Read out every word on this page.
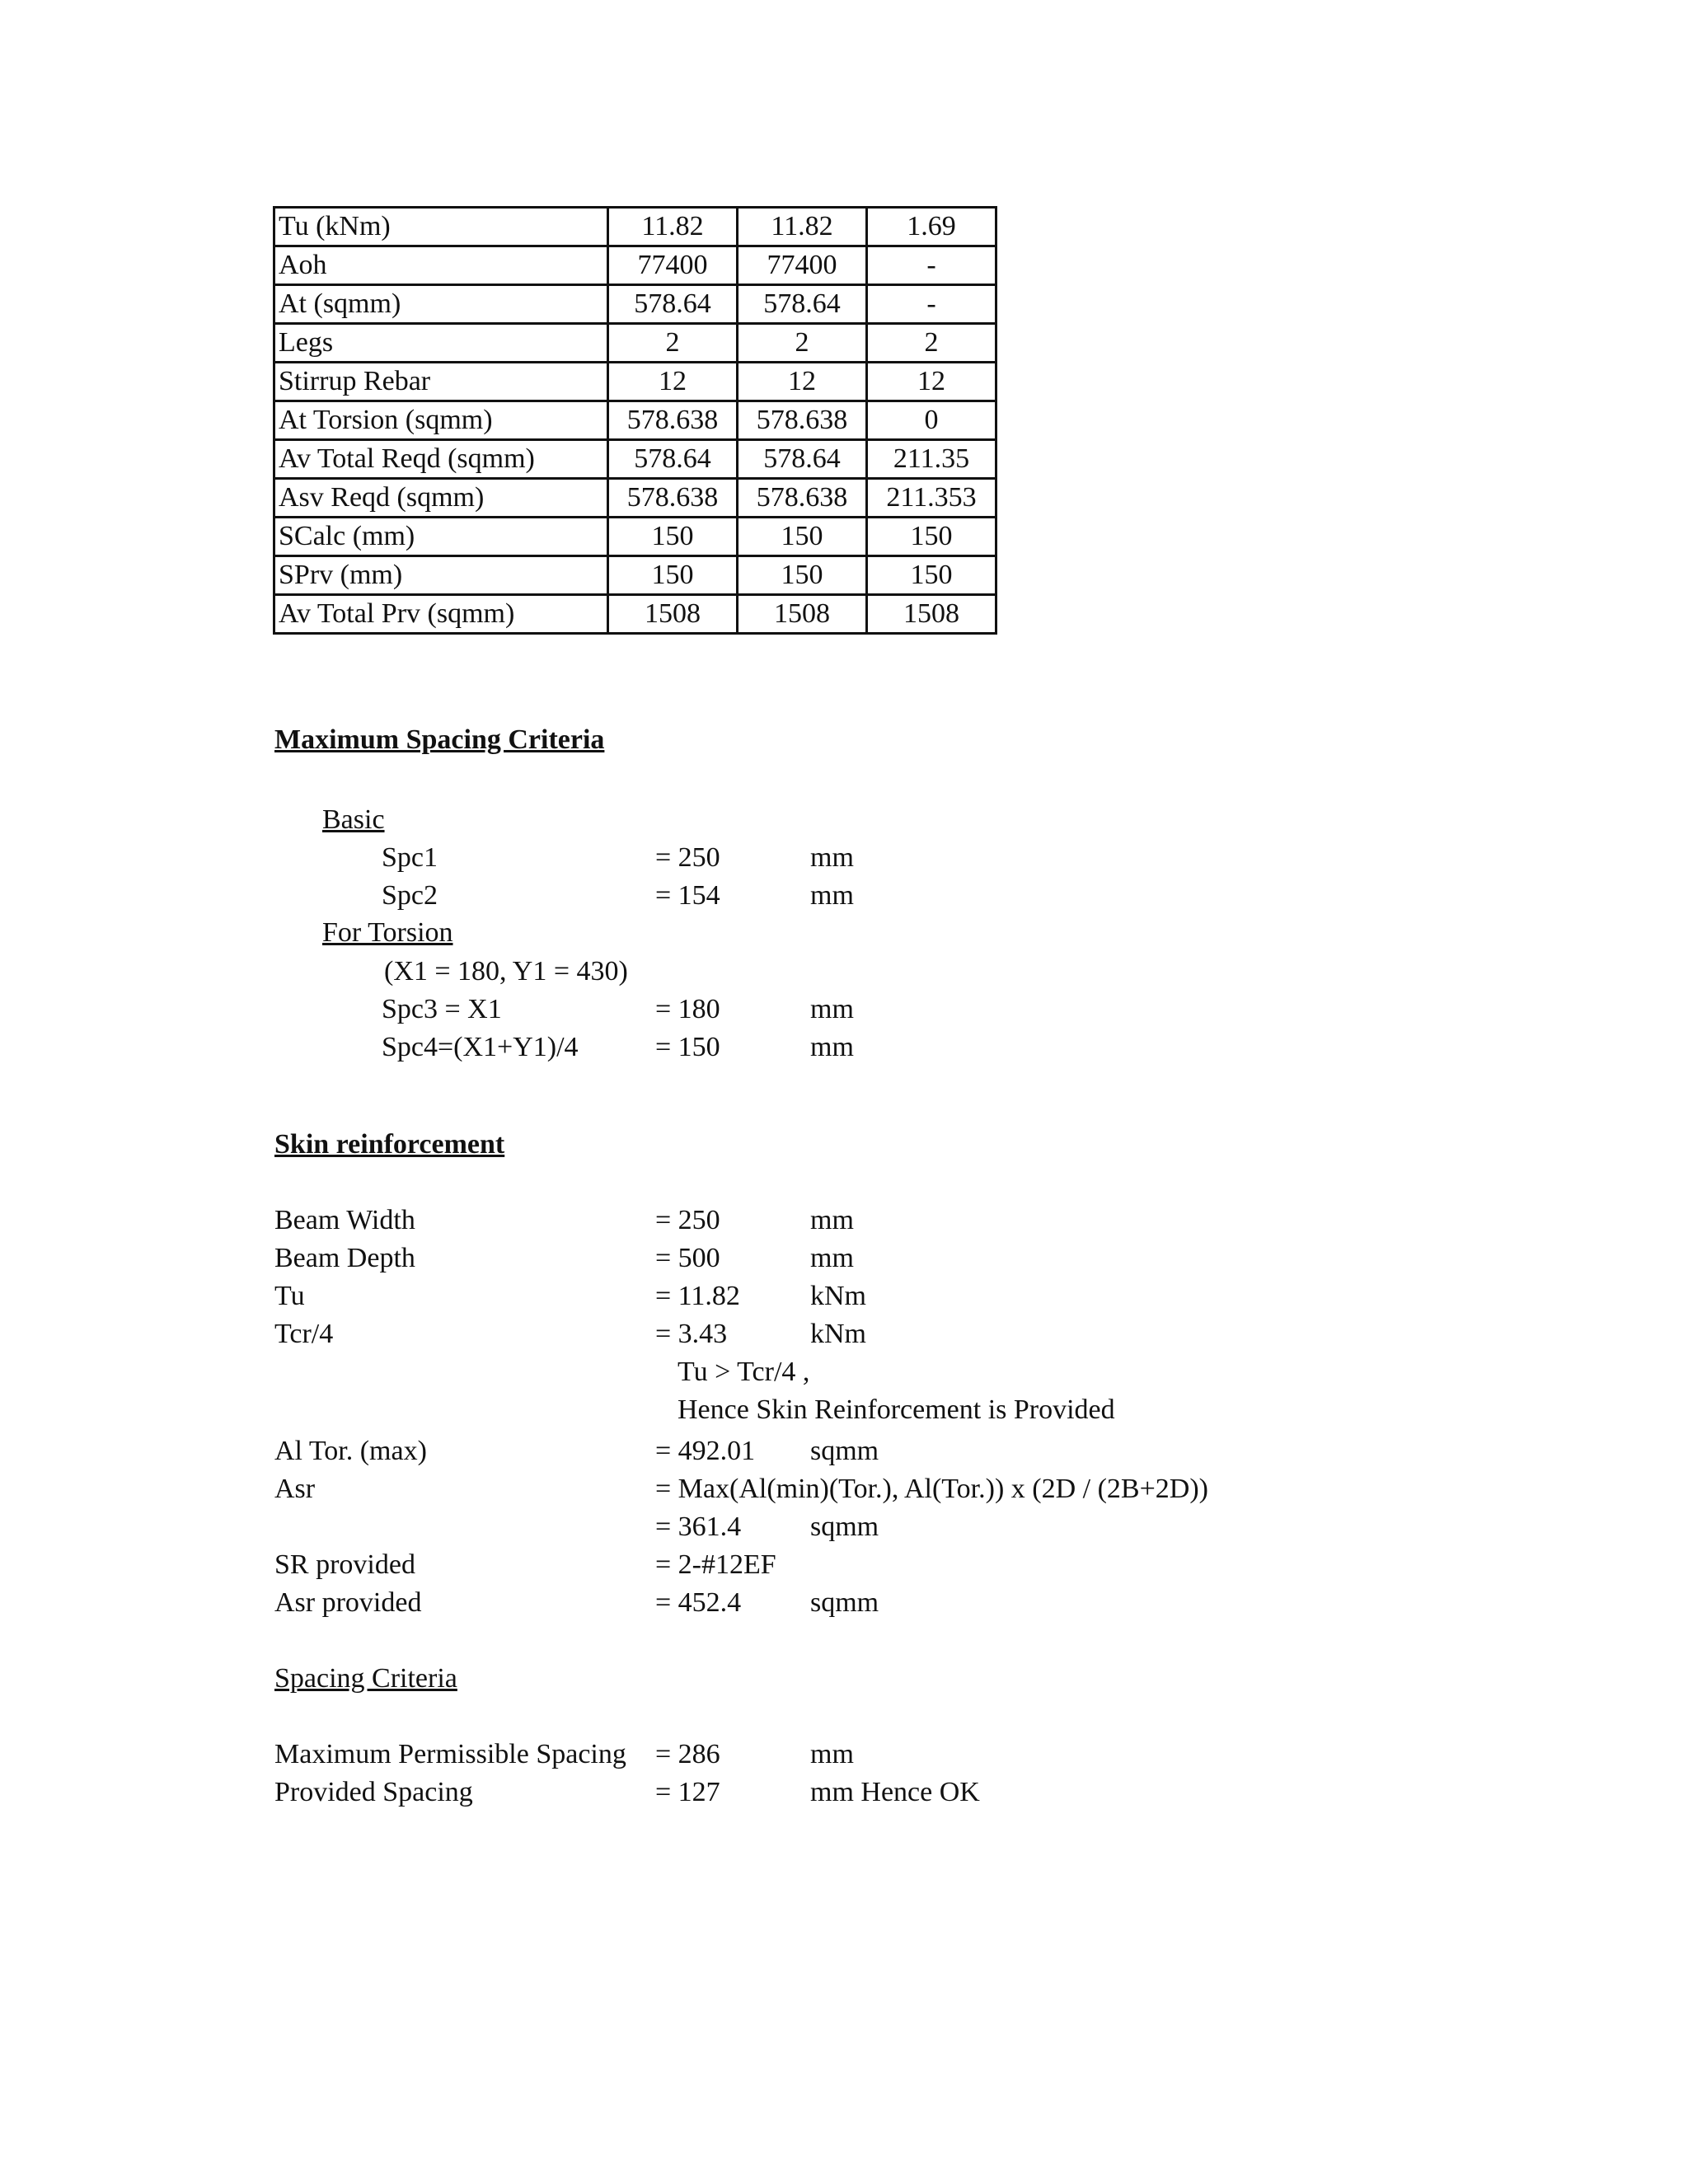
Tu (kNm)	11.82	11.82	1.69
Aoh	77400	77400	-
At (sqmm)	578.64	578.64	-
Legs	2	2	2
Stirrup Rebar	12	12	12
At Torsion (sqmm)	578.638	578.638	0
Av Total Reqd (sqmm)	578.64	578.64	211.35
Asv Reqd (sqmm)	578.638	578.638	211.353
SCalc (mm)	150	150	150
SPrv (mm)	150	150	150
Av Total Prv (sqmm)	1508	1508	1508
Maximum Spacing Criteria
Basic
Spc1	= 250	mm
Spc2	= 154	mm
For Torsion
(X1 = 180, Y1 = 430)
Spc3 = X1	= 180	mm
Spc4=(X1+Y1)/4	= 150	mm
Skin reinforcement
Beam Width	= 250	mm
Beam Depth	= 500	mm
Tu	= 11.82	kNm
Tcr/4	= 3.43	kNm
Tu > Tcr/4 ,
Hence Skin Reinforcement is Provided
Al Tor. (max)	= 492.01 sqmm
Asr	= Max(Al(min)(Tor.), Al(Tor.)) x (2D / (2B+2D))
= 361.4 sqmm
SR provided	= 2-#12EF
Asr provided	= 452.4 sqmm
Spacing Criteria
Maximum Permissible Spacing = 286	mm
Provided Spacing	= 127	mm Hence OK
